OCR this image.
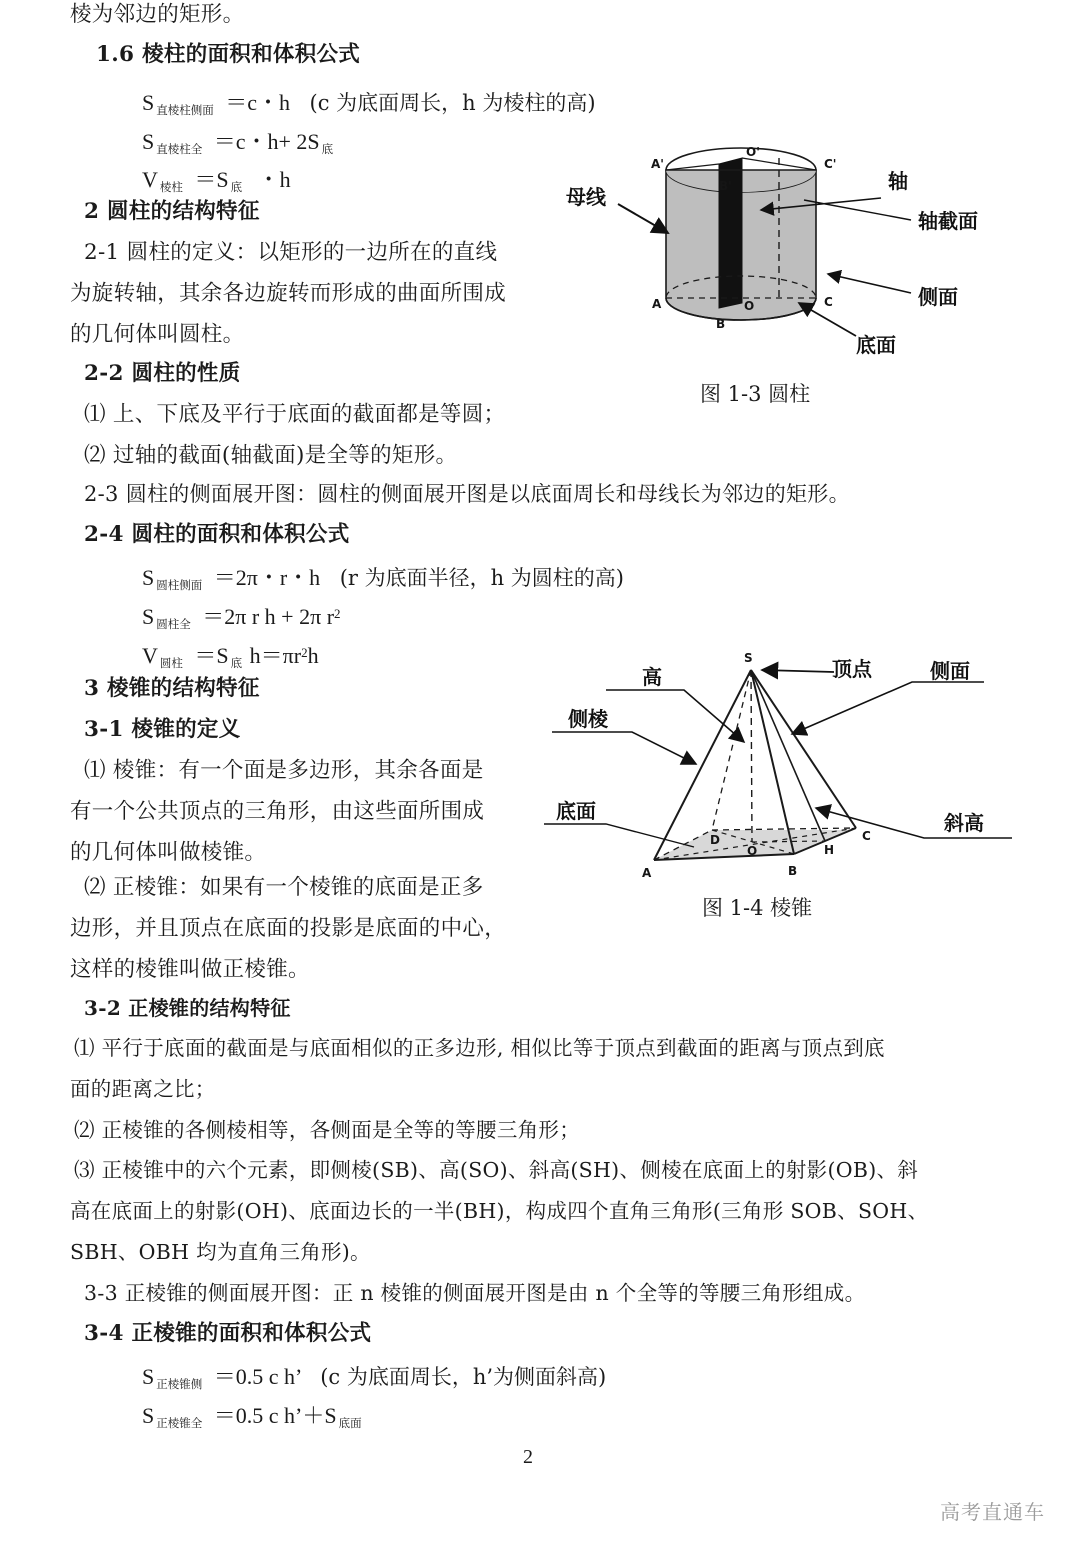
棱为邻边的矩形。
1.6 棱柱的面积和体积公式
S $_{直棱柱侧面}$ ＝c・h (c 为底面周长，h 为棱柱的高)
S $_{直棱柱全}$ ＝c・h+ 2S $_底$
V $_{棱柱}$ ＝S $_底$ ・h
2 圆柱的结构特征
2-1 圆柱的定义：以矩形的一边所在的直线
为旋转轴，其余各边旋转而形成的曲面所围成
的几何体叫圆柱。
2-2 圆柱的性质
⑴ 上、下底及平行于底面的截面都是等圆；
⑵ 过轴的截面(轴截面)是全等的矩形。
2-3 圆柱的侧面展开图：圆柱的侧面展开图是以底面周长和母线长为邻边的矩形。
2-4 圆柱的面积和体积公式
S $_{圆柱侧面}$ ＝2π・r・h (r 为底面半径，h 为圆柱的高)
S $_{圆柱全}$ ＝2π r h + 2π $r^2$
V $_{圆柱}$ ＝S $_底$ $h=\pi r^2h$
3 棱锥的结构特征
3-1 棱锥的定义
⑴ 棱锥：有一个面是多边形，其余各面是
有一个公共顶点的三角形，由这些面所围成
的几何体叫做棱锥。
⑵ 正棱锥：如果有一个棱锥的底面是正多
边形，并且顶点在底面的投影是底面的中心，
这样的棱锥叫做正棱锥。
3-2 正棱锥的结构特征
⑴ 平行于底面的截面是与底面相似的正多边形, 相似比等于顶点到截面的距离与顶点到底
面的距离之比；
⑵ 正棱锥的各侧棱相等，各侧面是全等的等腰三角形；
⑶ 正棱锥中的六个元素，即侧棱(SB)、高(SO)、斜高(SH)、侧棱在底面上的射影(OB)、斜
高在底面上的射影(OH)、底面边长的一半(BH)，构成四个直角三角形(三角形 SOB、SOH、
SBH、OBH 均为直角三角形)。
3-3 正棱锥的侧面展开图：正 n 棱锥的侧面展开图是由 n 个全等的等腰三角形组成。
3-4 正棱锥的面积和体积公式
S $_{正棱锥侧}$ ＝0.5 c h’ (c 为底面周长，h’为侧面斜高)
S $_{正棱锥全}$ ＝0.5 c h’＋S $_{底面}$
A'
O'
B'
C'
A	O
B
C
母线
轴
轴截面
侧面
底面
图 1-3 圆柱
S
A	B
C
D
O	H
高
侧棱
底面
顶点	侧面
斜高
图 1-4 棱锥
2
高考直通车
